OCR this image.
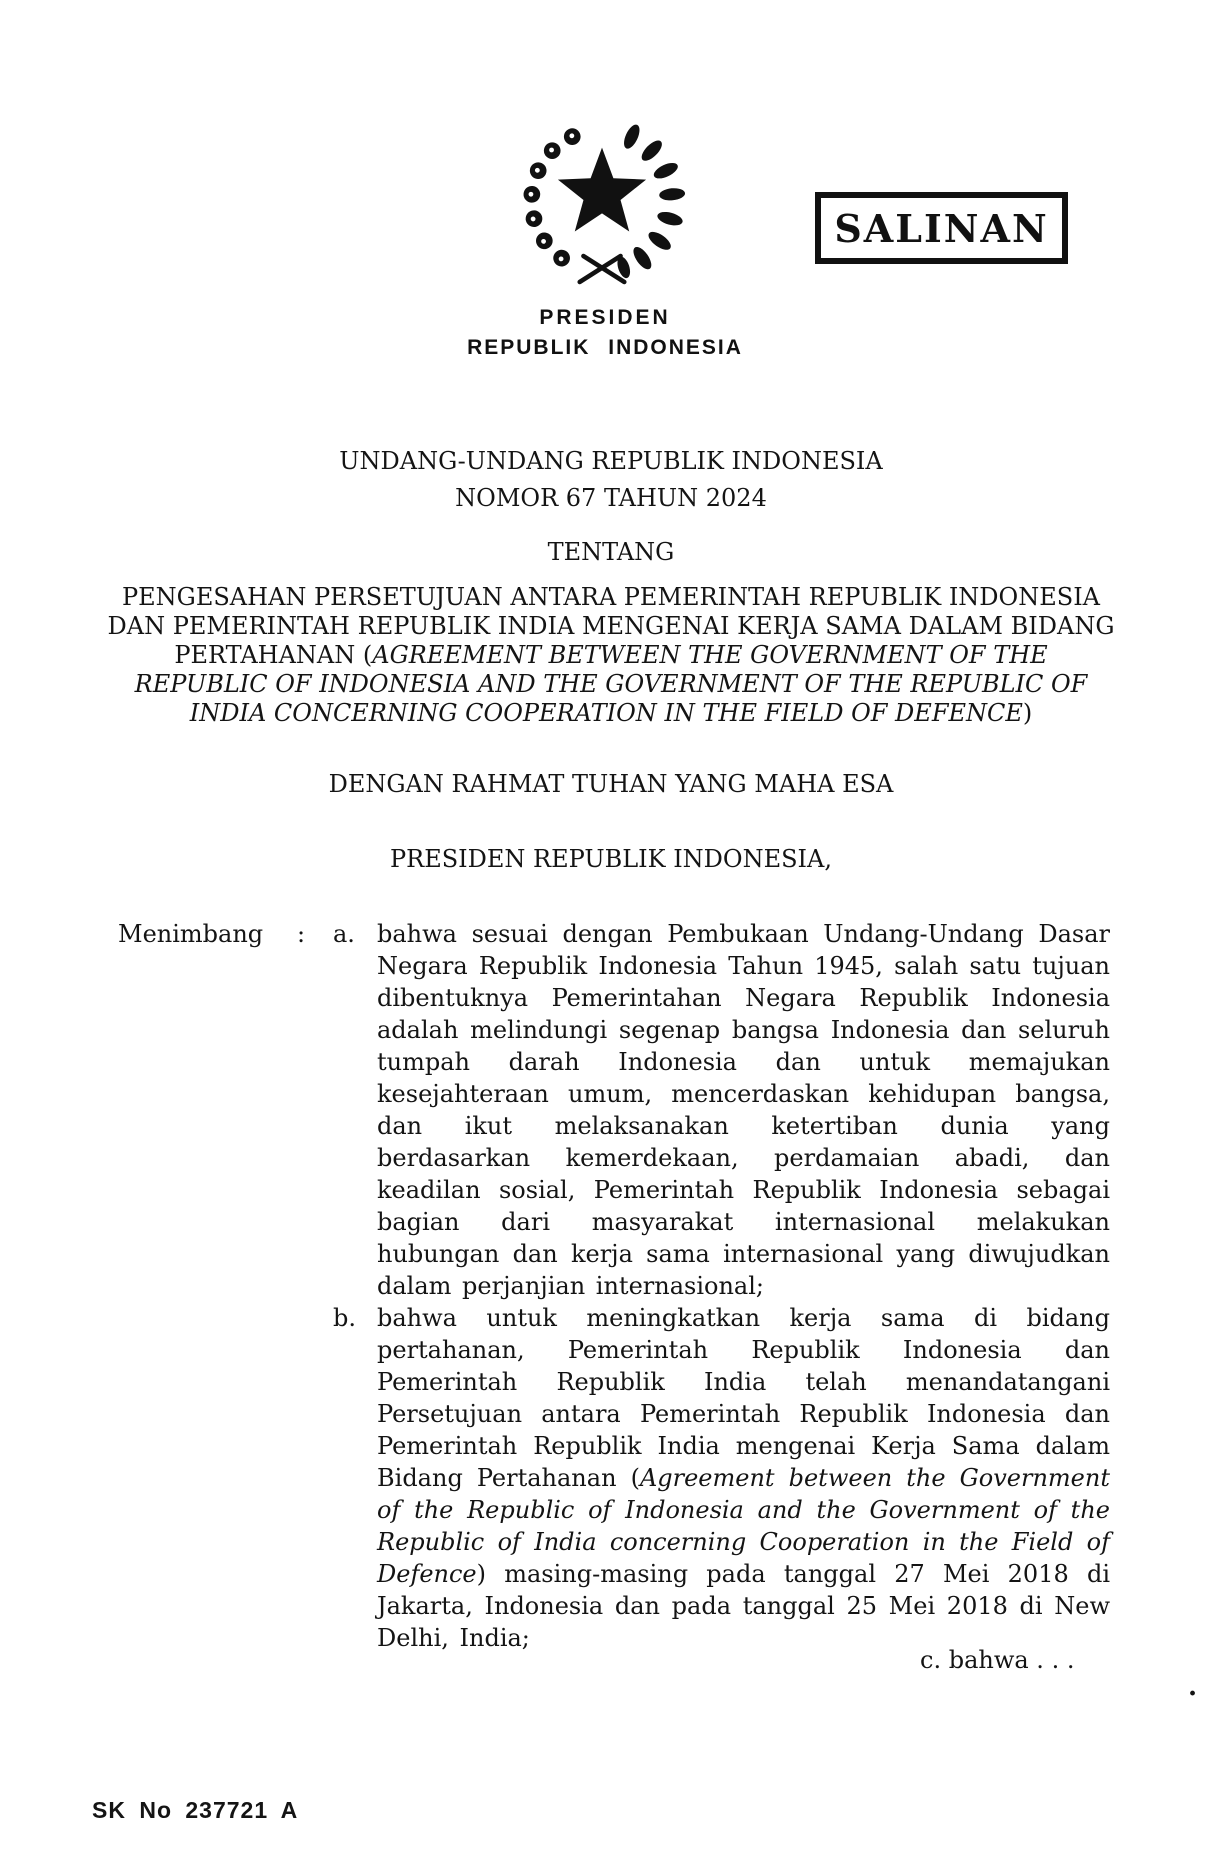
SALINAN
PRESIDEN
REPUBLIK INDONESIA
UNDANG-UNDANG REPUBLIK INDONESIA
NOMOR 67 TAHUN 2024
TENTANG

PENGESAHAN PERSETUJUAN ANTARA PEMERINTAH REPUBLIK INDONESIA DAN PEMERINTAH REPUBLIK INDIA MENGENAI KERJA SAMA DALAM BIDANG PERTAHANAN (AGREEMENT BETWEEN THE GOVERNMENT OF THE REPUBLIC OF INDONESIA AND THE GOVERNMENT OF THE REPUBLIC OF INDIA CONCERNING COOPERATION IN THE FIELD OF DEFENCE)

DENGAN RAHMAT TUHAN YANG MAHA ESA
PRESIDEN REPUBLIK INDONESIA,
Menimbang	:	a. bahwa sesuai dengan Pembukaan Undang-Undang Dasar Negara Republik Indonesia Tahun 1945, salah satu tujuan dibentuknya Pemerintahan Negara Republik Indonesia adalah melindungi segenap bangsa Indonesia dan seluruh tumpah darah Indonesia dan untuk memajukan kesejahteraan umum, mencerdaskan kehidupan bangsa, dan ikut melaksanakan ketertiban dunia yang berdasarkan kemerdekaan, perdamaian abadi, dan keadilan sosial, Pemerintah Republik Indonesia sebagai bagian dari masyarakat internasional melakukan hubungan dan kerja sama internasional yang diwujudkan dalam perjanjian internasional;
b. bahwa untuk meningkatkan kerja sama di bidang pertahanan, Pemerintah Republik Indonesia dan Pemerintah Republik India telah menandatangani Persetujuan antara Pemerintah Republik Indonesia dan Pemerintah Republik India mengenai Kerja Sama dalam Bidang Pertahanan (Agreement between the Government of the Republic of Indonesia and the Government of the Republic of India concerning Cooperation in the Field of Defence) masing-masing pada tanggal 27 Mei 2018 di Jakarta, Indonesia dan pada tanggal 25 Mei 2018 di New Delhi, India;
c. bahwa . . .
.
SK No 237721 A
